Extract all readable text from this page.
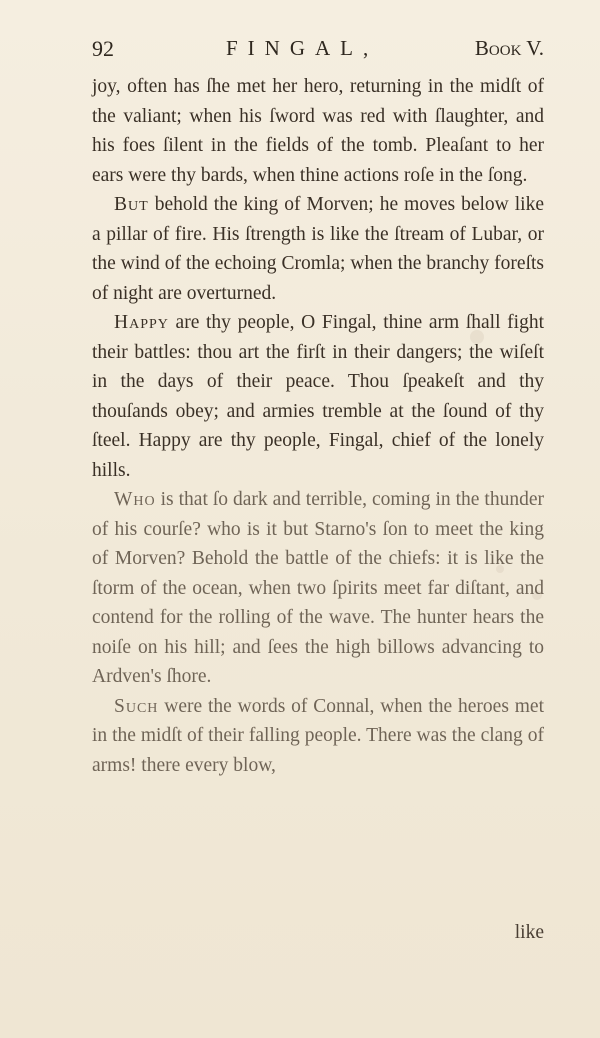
92	FINGAL,	Book V.

joy, often has ſhe met her hero, returning in the midſt of the valiant; when his ſword was red with ſlaughter, and his foes ſilent in the fields of the tomb. Pleaſant to her ears were thy bards, when thine actions roſe in the ſong.

But behold the king of Morven; he moves below like a pillar of fire. His ſtrength is like the ſtream of Lubar, or the wind of the echoing Cromla; when the branchy foreſts of night are overturned.

Happy are thy people, O Fingal, thine arm ſhall fight their battles: thou art the firſt in their dangers; the wiſeſt in the days of their peace. Thou ſpeakeſt and thy thouſands obey; and armies tremble at the ſound of thy ſteel. Happy are thy people, Fingal, chief of the lonely hills.

Who is that ſo dark and terrible, coming in the thunder of his courſe? who is it but Starno's ſon to meet the king of Morven? Behold the battle of the chiefs: it is like the ſtorm of the ocean, when two ſpirits meet far diſtant, and contend for the rolling of the wave. The hunter hears the noiſe on his hill; and ſees the high billows advancing to Ardven's ſhore.

Such were the words of Connal, when the heroes met in the midſt of their falling people. There was the clang of arms! there every blow,

like
